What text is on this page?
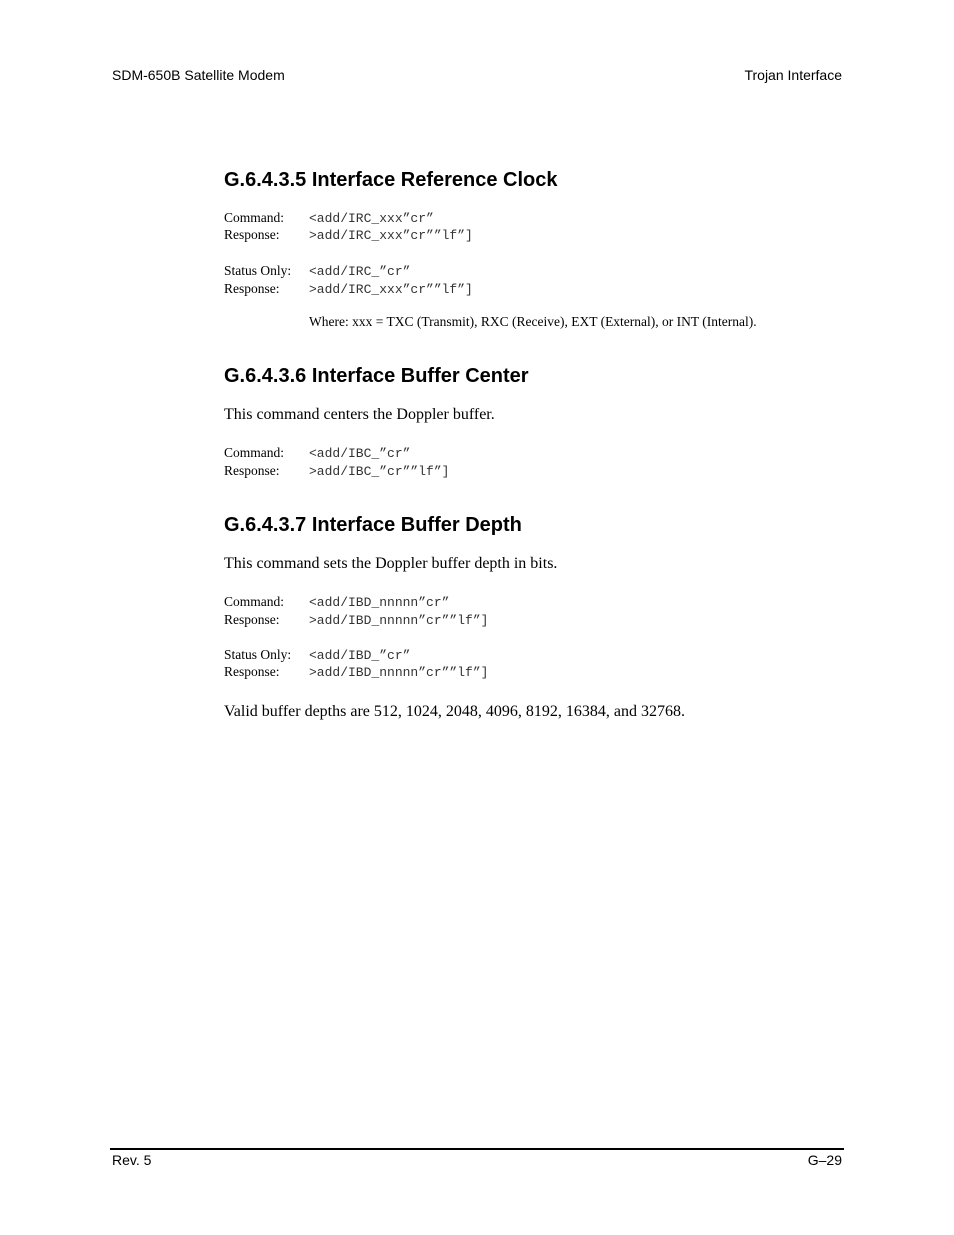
SDM-650B Satellite Modem	Trojan Interface
G.6.4.3.5 Interface Reference Clock
Command: <add/IRC_xxx”cr”
Response: >add/IRC_xxx”cr””lf”]
Status Only: <add/IRC_”cr”
Response: >add/IRC_xxx”cr””lf”]
Where: xxx = TXC (Transmit), RXC (Receive), EXT (External), or INT (Internal).
G.6.4.3.6 Interface Buffer Center

This command centers the Doppler buffer.

Command: <add/IBC_”cr”
Response: >add/IBC_”cr””lf”]
G.6.4.3.7 Interface Buffer Depth

This command sets the Doppler buffer depth in bits.

Command: <add/IBD_nnnnn”cr”
Response: >add/IBD_nnnnn”cr””lf”]
Status Only: <add/IBD_”cr”
Response: >add/IBD_nnnnn”cr””lf”]

Valid buffer depths are 512, 1024, 2048, 4096, 8192, 16384, and 32768.

Rev. 5	G–29
